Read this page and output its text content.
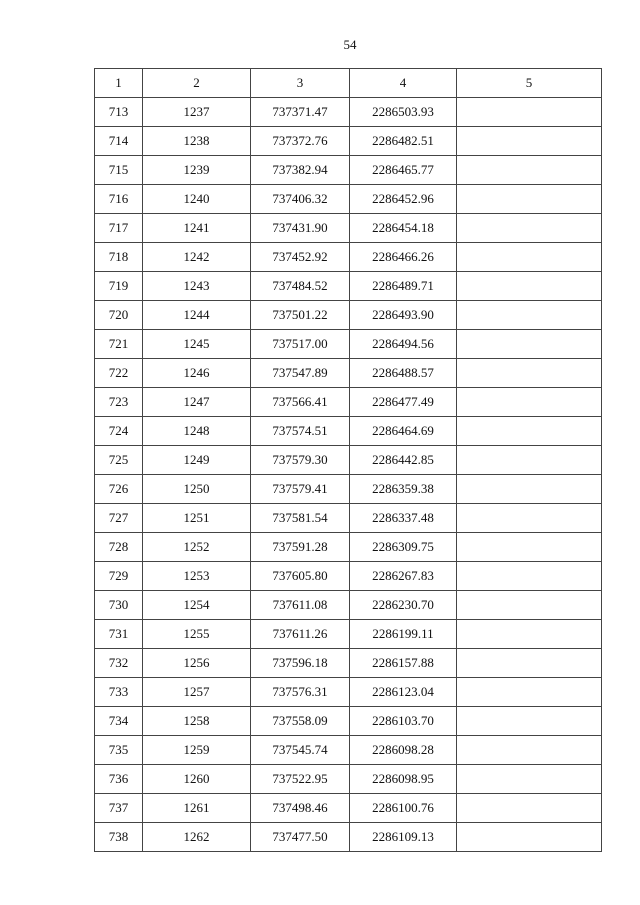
54
1	2	3	4	5
713	1237	737371.47	2286503.93	
714	1238	737372.76	2286482.51	
715	1239	737382.94	2286465.77	
716	1240	737406.32	2286452.96	
717	1241	737431.90	2286454.18	
718	1242	737452.92	2286466.26	
719	1243	737484.52	2286489.71	
720	1244	737501.22	2286493.90	
721	1245	737517.00	2286494.56	
722	1246	737547.89	2286488.57	
723	1247	737566.41	2286477.49	
724	1248	737574.51	2286464.69	
725	1249	737579.30	2286442.85	
726	1250	737579.41	2286359.38	
727	1251	737581.54	2286337.48	
728	1252	737591.28	2286309.75	
729	1253	737605.80	2286267.83	
730	1254	737611.08	2286230.70	
731	1255	737611.26	2286199.11	
732	1256	737596.18	2286157.88	
733	1257	737576.31	2286123.04	
734	1258	737558.09	2286103.70	
735	1259	737545.74	2286098.28	
736	1260	737522.95	2286098.95	
737	1261	737498.46	2286100.76	
738	1262	737477.50	2286109.13	
